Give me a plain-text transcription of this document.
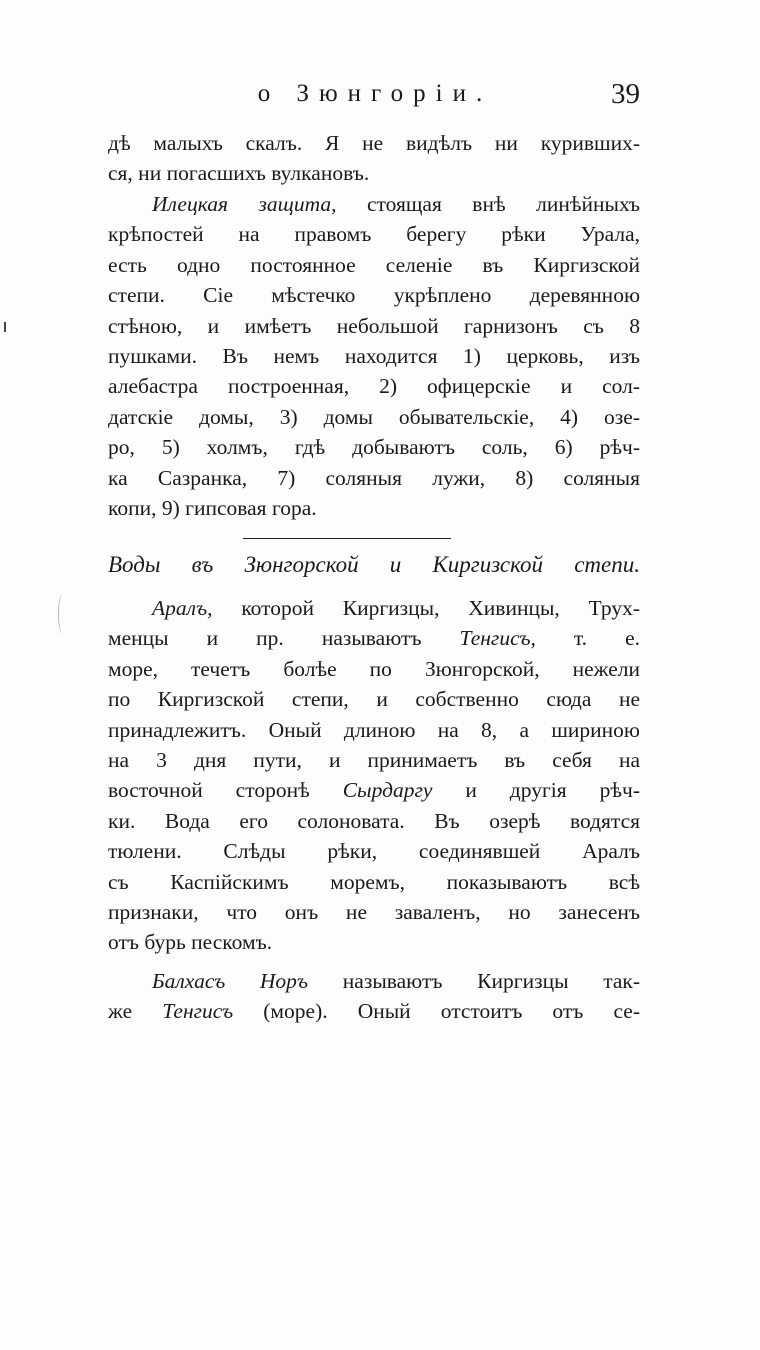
о Зюнгоріи.	39
дѣ малыхъ скалъ. Я не видѣлъ ни куривших-
ся, ни погасшихъ вулкановъ.
Илецкая защита, стоящая внѣ линѣйныхъ
крѣпостей на правомъ берегу рѣки Урала,
есть одно постоянное селеніе въ Киргизской
степи. Сіе мѣстечко укрѣплено деревянною
стѣною, и имѣетъ небольшой гарнизонъ съ 8
пушками. Въ немъ находится 1) церковь, изъ
алебастра построенная, 2) офицерскіе и сол-
датскіе домы, 3) домы обывательскіе, 4) озе-
ро, 5) холмъ, гдѣ добываютъ соль, 6) рѣч-
ка Сазранка, 7) соляныя лужи, 8) соляныя
копи, 9) гипсовая гора.
Воды въ Зюнгорской и Киргизской степи.
Аралъ, которой Киргизцы, Хивинцы, Трух-
менцы и пр. называютъ Тенгисъ, т. е.
море, течетъ болѣе по Зюнгорской, нежели
по Киргизской степи, и собственно сюда не
принадлежитъ. Оный длиною на 8, а шириною
на 3 дня пути, и принимаетъ въ себя на
восточной сторонѣ Сырдаргу и другія рѣч-
ки. Вода его солоновата. Въ озерѣ водятся
тюлени. Слѣды рѣки, соединявшей Аралъ
съ Каспійскимъ моремъ, показываютъ всѣ
признаки, что онъ не заваленъ, но занесенъ
отъ бурь пескомъ.
Балхасъ Норъ называютъ Киргизцы так-
же Тенгисъ (море). Оный отстоитъ отъ се-
